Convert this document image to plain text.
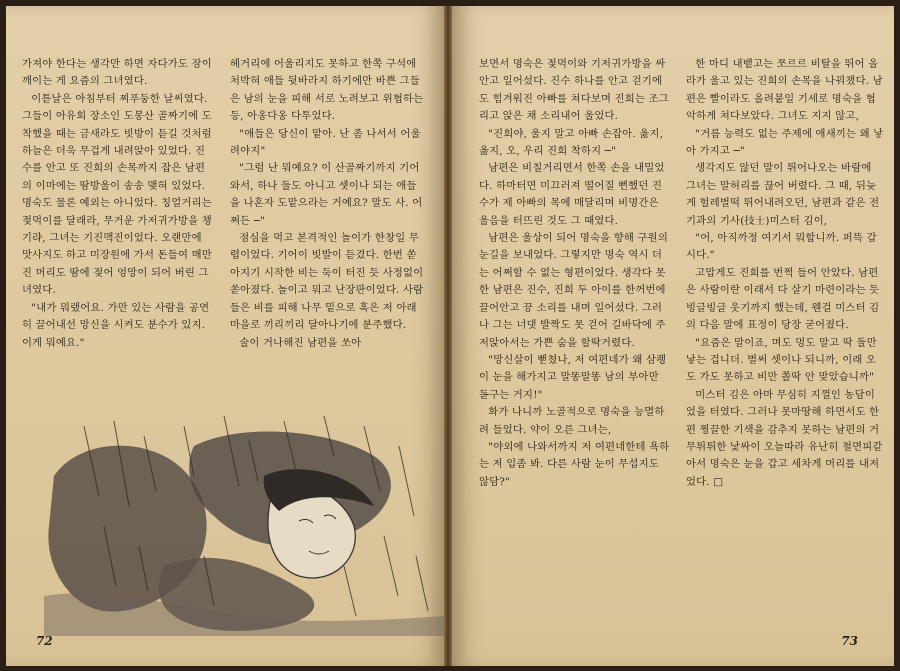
가져야 한다는 생각만 하면 자다가도 잠이 깨이는 게 요즘의 그녀였다.

이튿날은 아침부터 찌푸둥한 날씨였다. 그들이 아유회 장소인 도봉산 골짜기에 도착했을 때는 금새라도 빗방이 듣길 것처럼 하늘은 더욱 무겁게 내려앉아 있었다. 진수를 안고 또 진희의 손목까지 잡은 남편의 이마에는 땀방울이 송송 맺혀 있었다. 명숙도 물론 예외는 아니었다. 칭얼거리는 젖먹이를 달래라, 무거운 가저귀가방을 챙기랴, 그녀는 기진맥진이었다. 오랜만에 맛사지도 하고 미장원에 가서 돈들여 매만진 머리도 땀에 젖어 엉망이 되어 버린 그녀였다.

"내가 뭐랬어요. 가만 있는 사람을 공연히 끌어내선 망신을 시켜도 분수가 있지. 이게 뭐예요."

헤거리에 어울리지도 못하고 한쪽 구석에 처박혀 애들 뒷바라지 하기에만 바쁜 그들은 남의 눈을 피해 서로 노려보고 위협하는 등, 아옹다옹 다투었다.

"애들은 당신이 맡아. 난 좀 나서서 어울려야지"

"그럼 난 뭐예요? 이 산골짜기까지 기어와서, 하나 둘도 아니고 셋이나 되는 애들을 나혼자 도맡으라는 거예요? 말도 사. 어쩌든 ─"

점심을 먹고 본격적인 놀이가 한창일 무렵이었다. 기어이 빗발이 듣겼다. 한번 쏟아지기 시작한 비는 둑이 터진 듯 사정없이 쏟아졌다. 놀이고 뭐고 난장판이었다. 사람들은 비를 피해 나무 밑으로 혹은 저 아래 마을로 끼리끼리 달아나기에 분주했다.

술이 거나해진 남편을 쏘아

72

보면서 명숙은 젖먹이와 기저귀가방을 싸안고 일어섰다. 진수 하나를 안고 걷기에도 힘겨워진 아빠를 쳐다보며 진희는 조그리고 앉은 채 소리내어 울었다.

"진희야, 울지 말고 아빠 손잡아. 옳지, 옳지, 오, 우리 진희 착하지 ─"

남편은 비칠거리면서 한쪽 손을 내밀었다. 하마터면 미끄러져 떨어질 뻔했던 진수가 제 아빠의 목에 매달리며 비명간은 울음을 터뜨린 것도 그 때였다.

남편은 울상이 되어 명숙을 향해 구원의 눈길을 보내었다. 그렇지만 명숙 역시 더는 어쩌할 수 없는 형편이었다. 생각다 못한 남편은 진수, 진희 두 아이를 한꺼번에 끌어안고 끙 소리를 내며 일어섰다. 그러나 그는 너댓 발짝도 못 걷어 길바닥에 주저앉아서는 가쁜 숨을 할딱거렸다.

"망신살이 뻗쳤나, 저 여편네가 왜 삼쾡이 눈을 해가지고 말똥말똥 남의 부아만 돋구는 거지!"

화가 나니까 노골적으로 명숙을 능멸하려 들었다. 약이 오른 그녀는,

"야외에 나와서까지 저 여편네한테 욕하는 저 입좀 봐. 다른 사람 눈이 무섭지도 않담?"

한 마디 내뱉고는 쪼르르 비탈을 뛰어 올라가 울고 있는 진희의 손목을 나꿔챘다. 남편은 빨이라도 올려붙일 기세로 명숙을 협악하게 쳐다보았다. 그녀도 지지 않고,

"거름 능력도 없는 주제에 애새끼는 왜 낳아 가지고 ─"

생각지도 않던 말이 튀어나오는 바람에 그녀는 말허리를 끊어 버렸다. 그 때, 뒤늦게 헐레벌떡 뛰어내려오던, 남편과 같은 전기과의 기사(技士)미스터 김이,

"어, 아직까정 여기서 뭐합니까. 퍼뜩 갑시다."

고맙게도 진희를 번쩍 들어 안았다. 남편은 사람이란 이래서 다 살기 마련이라는 듯 빙글빙글 웃기까지 했는데, 웬걸 미스터 김의 다음 말에 표정이 당장 굳어졌다.

"요즘은 말이죠, 며도 멍도 말고 딱 둘만 낳는 겁니더. 벌써 셋이나 되니까, 이래 오도 가도 못하고 비만 쫄딱 안 맞았습니까"

미스터 김은 아마 무심히 지껄인 농담이었을 터였다. 그러나 못마땅해 하면서도 한편 찡끌한 기색을 감추지 못하는 남편의 거무튀튀한 낯싸이 오늘따라 유난히 철면피같아서 명숙은 눈을 갑고 세차게 머리를 내저었다. □

73
